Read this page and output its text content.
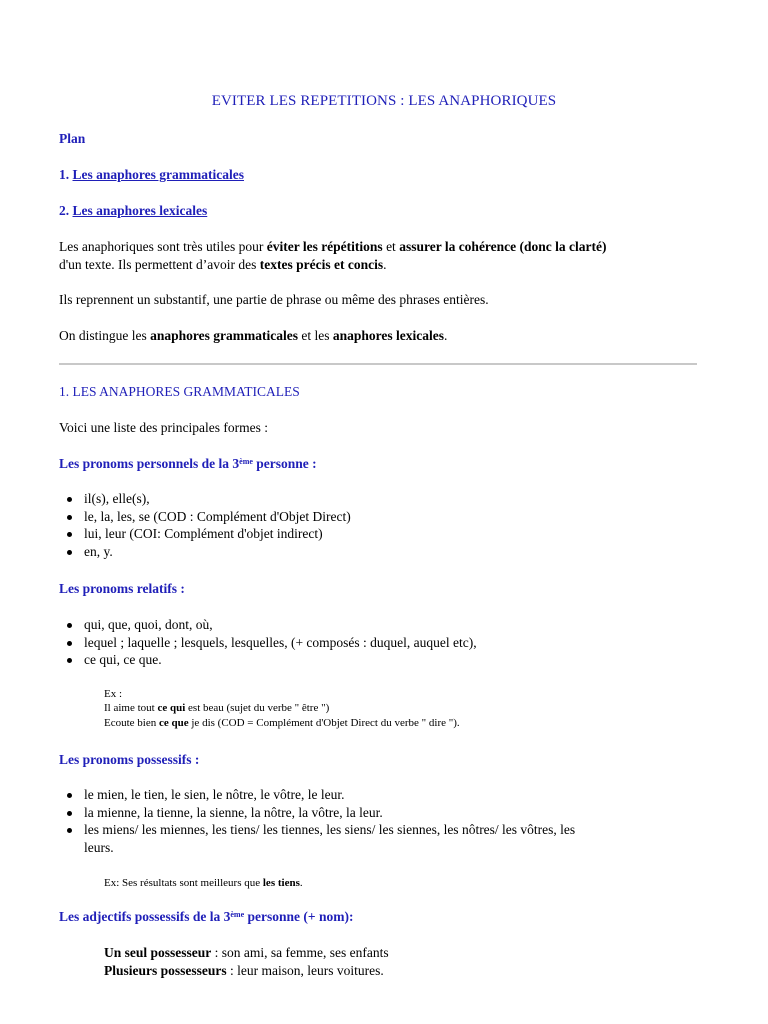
EVITER LES REPETITIONS : LES ANAPHORIQUES
Plan
1. Les anaphores grammaticales
2. Les anaphores lexicales
Les anaphoriques sont très utiles pour éviter les répétitions et assurer la cohérence (donc la clarté)
d'un texte. Ils permettent d’avoir des textes précis et concis.
Ils reprennent un substantif, une partie de phrase ou même des phrases entières.
On distingue les anaphores grammaticales et les anaphores lexicales.
1. LES ANAPHORES GRAMMATICALES
Voici une liste des principales formes :
Les pronoms personnels de la 3ème personne :
il(s), elle(s),
le, la, les, se (COD : Complément d'Objet Direct)
lui, leur (COI: Complément d'objet indirect)
en, y.
Les pronoms relatifs :
qui, que, quoi, dont, où,
lequel ; laquelle ; lesquels, lesquelles, (+ composés : duquel, auquel etc),
ce qui, ce que.
Ex :
Il aime tout ce qui est beau (sujet du verbe " être ")
Ecoute bien ce que je dis (COD = Complément d'Objet Direct du verbe " dire ").
Les pronoms possessifs :
le mien, le tien, le sien, le nôtre, le vôtre, le leur.
la mienne, la tienne, la sienne, la nôtre, la vôtre, la leur.
les miens/ les miennes, les tiens/ les tiennes, les siens/ les siennes, les nôtres/ les vôtres, les
leurs.
Ex: Ses résultats sont meilleurs que les tiens.
Les adjectifs possessifs de la 3ème personne (+ nom):
Un seul possesseur : son ami, sa femme, ses enfants
Plusieurs possesseurs : leur maison, leurs voitures.
